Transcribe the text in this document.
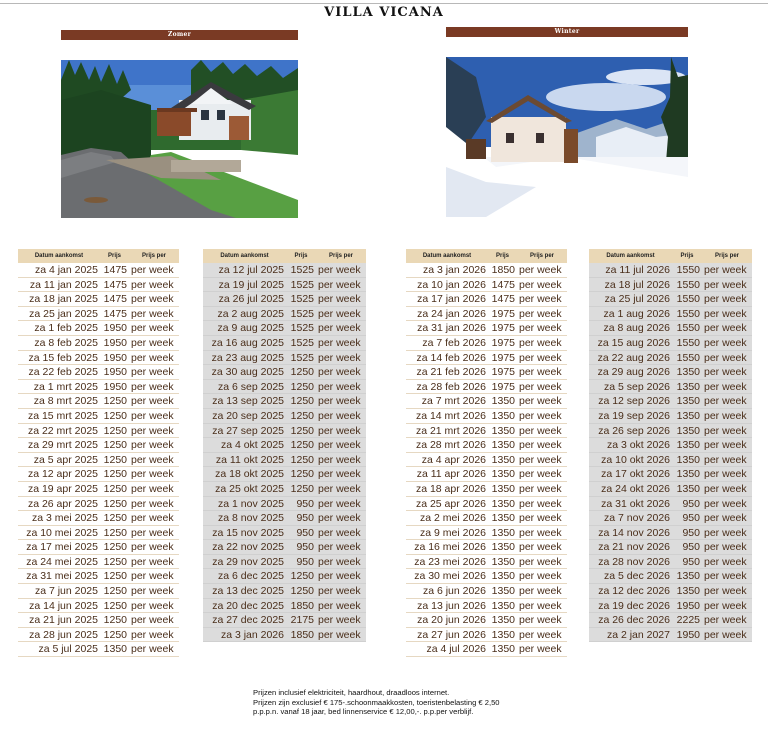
VILLA VICANA
Zomer	Winter
Datum aankomst	Prijs	Prijs per
za 4 jan 2025 1475 per week
za 11 jan 2025 1475 per week
za 18 jan 2025 1475 per week
za 25 jan 2025 1475 per week
za 1 feb 2025 1950 per week
za 8 feb 2025 1950 per week
za 15 feb 2025 1950 per week
za 22 feb 2025 1950 per week
za 1 mrt 2025 1950 per week
za 8 mrt 2025 1250 per week
za 15 mrt 2025 1250 per week
za 22 mrt 2025 1250 per week
za 29 mrt 2025 1250 per week
za 5 apr 2025 1250 per week
za 12 apr 2025 1250 per week
za 19 apr 2025 1250 per week
za 26 apr 2025 1250 per week
za 3 mei 2025 1250 per week
za 10 mei 2025 1250 per week
za 17 mei 2025 1250 per week
za 24 mei 2025 1250 per week
za 31 mei 2025 1250 per week
za 7 jun 2025 1250 per week
za 14 jun 2025 1250 per week
za 21 jun 2025 1250 per week
za 28 jun 2025 1250 per week
za 5 jul 2025 1350 per week
Datum aankomst	Prijs	Prijs per
za 12 jul 2025 1525 per week
za 19 jul 2025 1525 per week
za 26 jul 2025 1525 per week
za 2 aug 2025 1525 per week
za 9 aug 2025 1525 per week
za 16 aug 2025 1525 per week
za 23 aug 2025 1525 per week
za 30 aug 2025 1250 per week
za 6 sep 2025 1250 per week
za 13 sep 2025 1250 per week
za 20 sep 2025 1250 per week
za 27 sep 2025 1250 per week
za 4 okt 2025 1250 per week
za 11 okt 2025 1250 per week
za 18 okt 2025 1250 per week
za 25 okt 2025 1250 per week
za 1 nov 2025	950 per week
za 8 nov 2025	950 per week
za 15 nov 2025	950 per week
za 22 nov 2025	950 per week
za 29 nov 2025	950 per week
za 6 dec 2025 1250 per week
za 13 dec 2025 1250 per week
za 20 dec 2025 1850 per week
za 27 dec 2025 2175 per week
za 3 jan 2026 1850 per week
Datum aankomst	Prijs	Prijs per
za 3 jan 2026 1850 per week
za 10 jan 2026 1475 per week
za 17 jan 2026 1475 per week
za 24 jan 2026 1975 per week
za 31 jan 2026 1975 per week
za 7 feb 2026 1975 per week
za 14 feb 2026 1975 per week
za 21 feb 2026 1975 per week
za 28 feb 2026 1975 per week
za 7 mrt 2026 1350 per week
za 14 mrt 2026 1350 per week
za 21 mrt 2026 1350 per week
za 28 mrt 2026 1350 per week
za 4 apr 2026 1350 per week
za 11 apr 2026 1350 per week
za 18 apr 2026 1350 per week
za 25 apr 2026 1350 per week
za 2 mei 2026 1350 per week
za 9 mei 2026 1350 per week
za 16 mei 2026 1350 per week
za 23 mei 2026 1350 per week
za 30 mei 2026 1350 per week
za 6 jun 2026 1350 per week
za 13 jun 2026 1350 per week
za 20 jun 2026 1350 per week
za 27 jun 2026 1350 per week
za 4 jul 2026 1350 per week
Datum aankomst	Prijs	Prijs per
za 11 jul 2026 1550 per week
za 18 jul 2026 1550 per week
za 25 jul 2026 1550 per week
za 1 aug 2026 1550 per week
za 8 aug 2026 1550 per week
za 15 aug 2026 1550 per week
za 22 aug 2026 1550 per week
za 29 aug 2026 1350 per week
za 5 sep 2026 1350 per week
za 12 sep 2026 1350 per week
za 19 sep 2026 1350 per week
za 26 sep 2026 1350 per week
za 3 okt 2026 1350 per week
za 10 okt 2026 1350 per week
za 17 okt 2026 1350 per week
za 24 okt 2026 1350 per week
za 31 okt 2026	950 per week
za 7 nov 2026	950 per week
za 14 nov 2026	950 per week
za 21 nov 2026	950 per week
za 28 nov 2026	950 per week
za 5 dec 2026 1350 per week
za 12 dec 2026 1350 per week
za 19 dec 2026 1950 per week
za 26 dec 2026 2225 per week
za 2 jan 2027 1950 per week
Prijzen inclusief elektriciteit, haardhout, draadloos internet.
Prijzen zijn exclusief € 175-.schoonmaakkosten, toeristenbelasting € 2,50
p.p.p.n. vanaf 18 jaar, bed linnenservice € 12,00,-. p.p.per verblijf.
